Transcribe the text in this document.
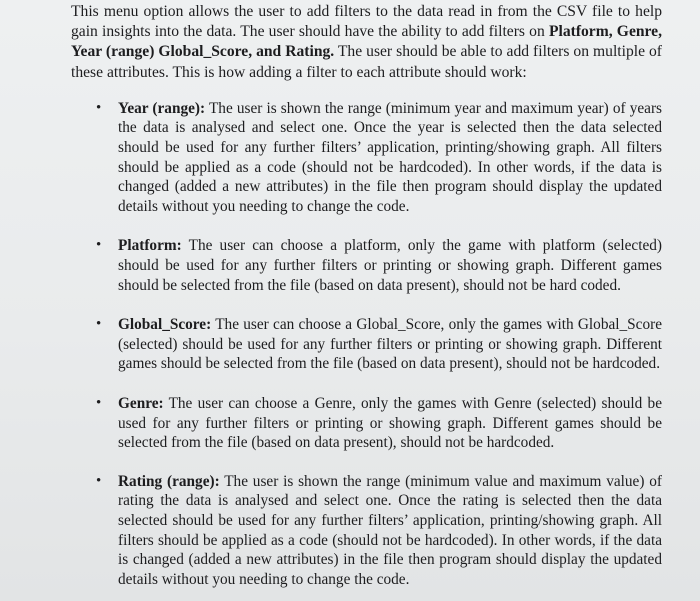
This menu option allows the user to add filters to the data read in from the CSV file to help gain insights into the data. The user should have the ability to add filters on Platform, Genre, Year (range) Global_Score, and Rating. The user should be able to add filters on multiple of these attributes. This is how adding a filter to each attribute should work:

• Year (range): The user is shown the range (minimum year and maximum year) of years the data is analysed and select one. Once the year is selected then the data selected should be used for any further filters’ application, printing/showing graph. All filters should be applied as a code (should not be hardcoded). In other words, if the data is changed (added a new attributes) in the file then program should display the updated details without you needing to change the code.
• Platform: The user can choose a platform, only the game with platform (selected) should be used for any further filters or printing or showing graph. Different games should be selected from the file (based on data present), should not be hard coded.
• Global_Score: The user can choose a Global_Score, only the games with Global_Score (selected) should be used for any further filters or printing or showing graph. Different games should be selected from the file (based on data present), should not be hardcoded.
• Genre: The user can choose a Genre, only the games with Genre (selected) should be used for any further filters or printing or showing graph. Different games should be selected from the file (based on data present), should not be hardcoded.
• Rating (range): The user is shown the range (minimum value and maximum value) of rating the data is analysed and select one. Once the rating is selected then the data selected should be used for any further filters’ application, printing/showing graph. All filters should be applied as a code (should not be hardcoded). In other words, if the data is changed (added a new attributes) in the file then program should display the updated details without you needing to change the code.
